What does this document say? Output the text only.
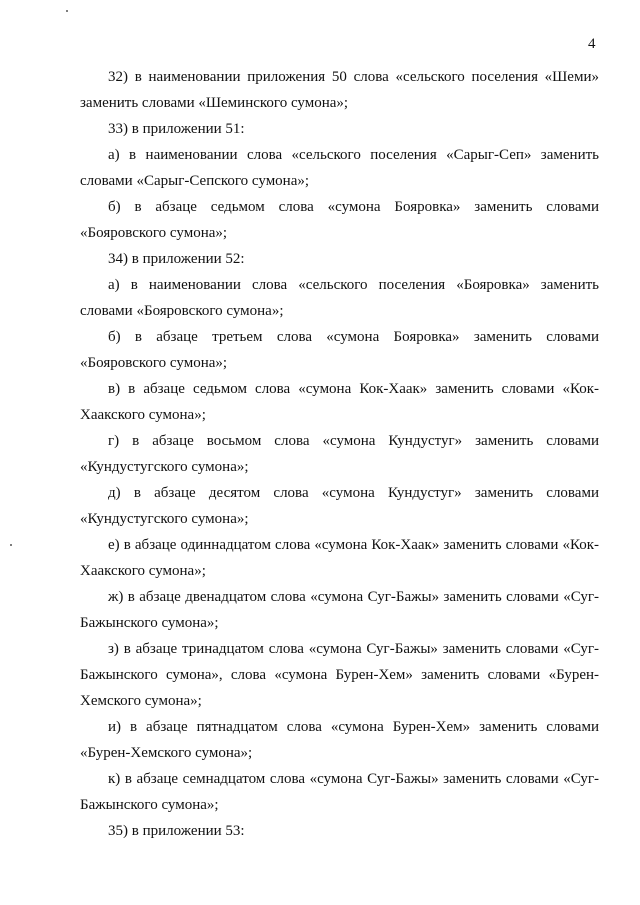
4

32) в наименовании приложения 50 слова «сельского поселения «Шеми» заменить словами «Шеминского сумона»;

33) в приложении 51:

а) в наименовании слова «сельского поселения «Сарыг-Сеп» заменить словами «Сарыг-Сепского сумона»;

б) в абзаце седьмом слова «сумона Бояровка» заменить словами «Бояровского сумона»;

34) в приложении 52:

а) в наименовании слова «сельского поселения «Бояровка» заменить словами «Бояровского сумона»;

б) в абзаце третьем слова «сумона Бояровка» заменить словами «Бояровского сумона»;

в) в абзаце седьмом слова «сумона Кок-Хаак» заменить словами «Кок-Хаакского сумона»;

г) в абзаце восьмом слова «сумона Кундустуг» заменить словами «Кундустугского сумона»;

д) в абзаце десятом слова «сумона Кундустуг» заменить словами «Кундустугского сумона»;

е) в абзаце одиннадцатом слова «сумона Кок-Хаак» заменить словами «Кок-Хаакского сумона»;

ж) в абзаце двенадцатом слова «сумона Суг-Бажы» заменить словами «Суг-Бажынского сумона»;

з) в абзаце тринадцатом слова «сумона Суг-Бажы» заменить словами «Суг-Бажынского сумона», слова «сумона Бурен-Хем» заменить словами «Бурен-Хемского сумона»;

и) в абзаце пятнадцатом слова «сумона Бурен-Хем» заменить словами «Бурен-Хемского сумона»;

к) в абзаце семнадцатом слова «сумона Суг-Бажы» заменить словами «Суг-Бажынского сумона»;

35) в приложении 53:
